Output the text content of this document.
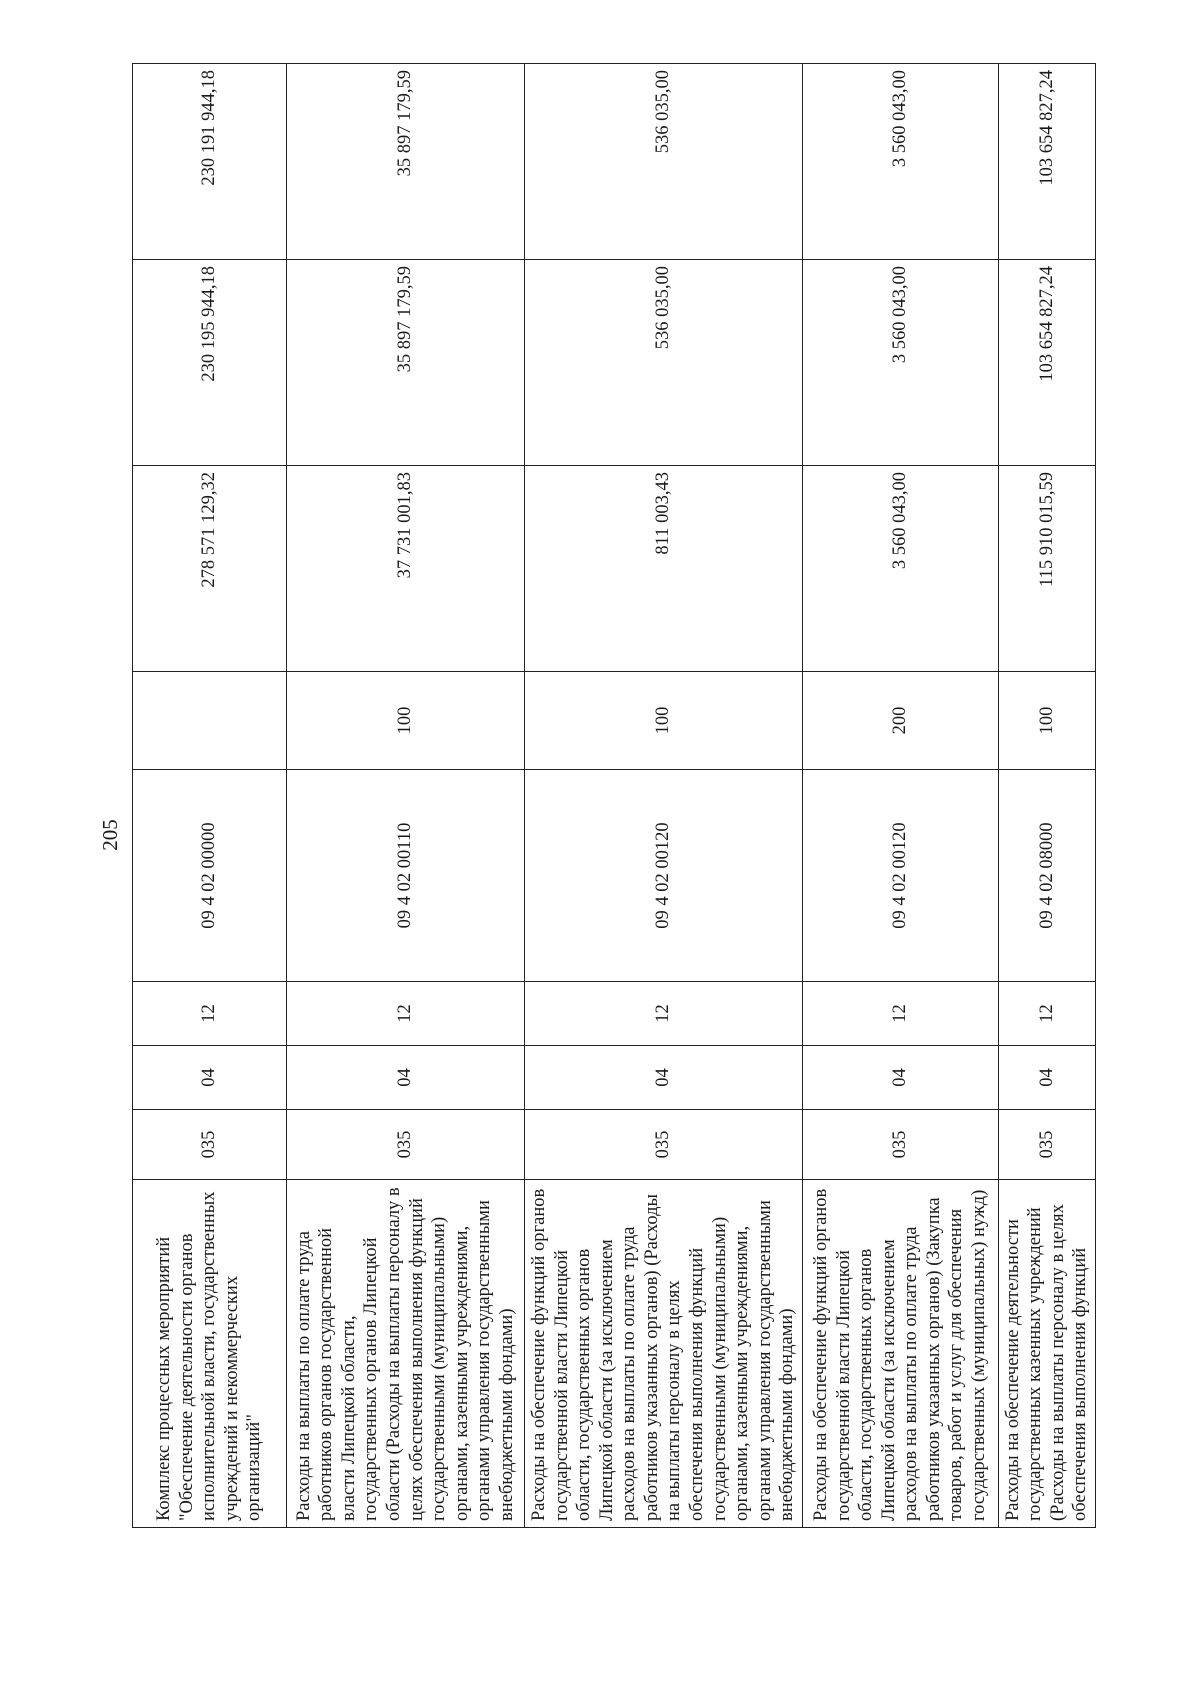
205
Комплекс процессных мероприятий "Обеспечение деятельности органов исполнительной власти, государственных учреждений и некоммерческих организаций"	035	04	12	09 4 02 00000		278 571 129,32	230 195 944,18	230 191 944,18
Расходы на выплаты по оплате труда работников органов государственной власти Липецкой области, государственных органов Липецкой области (Расходы на выплаты персоналу в целях обеспечения выполнения функций государственными (муниципальными) органами, казенными учреждениями, органами управления государственными внебюджетными фондами)	035	04	12	09 4 02 00110	100	37 731 001,83	35 897 179,59	35 897 179,59
Расходы на обеспечение функций органов государственной власти Липецкой области, государственных органов Липецкой области (за исключением расходов на выплаты по оплате труда работников указанных органов) (Расходы на выплаты персоналу в целях обеспечения выполнения функций государственными (муниципальными) органами, казенными учреждениями, органами управления государственными внебюджетными фондами)	035	04	12	09 4 02 00120	100	811 003,43	536 035,00	536 035,00
Расходы на обеспечение функций органов государственной власти Липецкой области, государственных органов Липецкой области (за исключением расходов на выплаты по оплате труда работников указанных органов) (Закупка товаров, работ и услуг для обеспечения государственных (муниципальных) нужд)	035	04	12	09 4 02 00120	200	3 560 043,00	3 560 043,00	3 560 043,00
Расходы на обеспечение деятельности государственных казенных учреждений (Расходы на выплаты персоналу в целях обеспечения выполнения функций	035	04	12	09 4 02 08000	100	115 910 015,59	103 654 827,24	103 654 827,24
